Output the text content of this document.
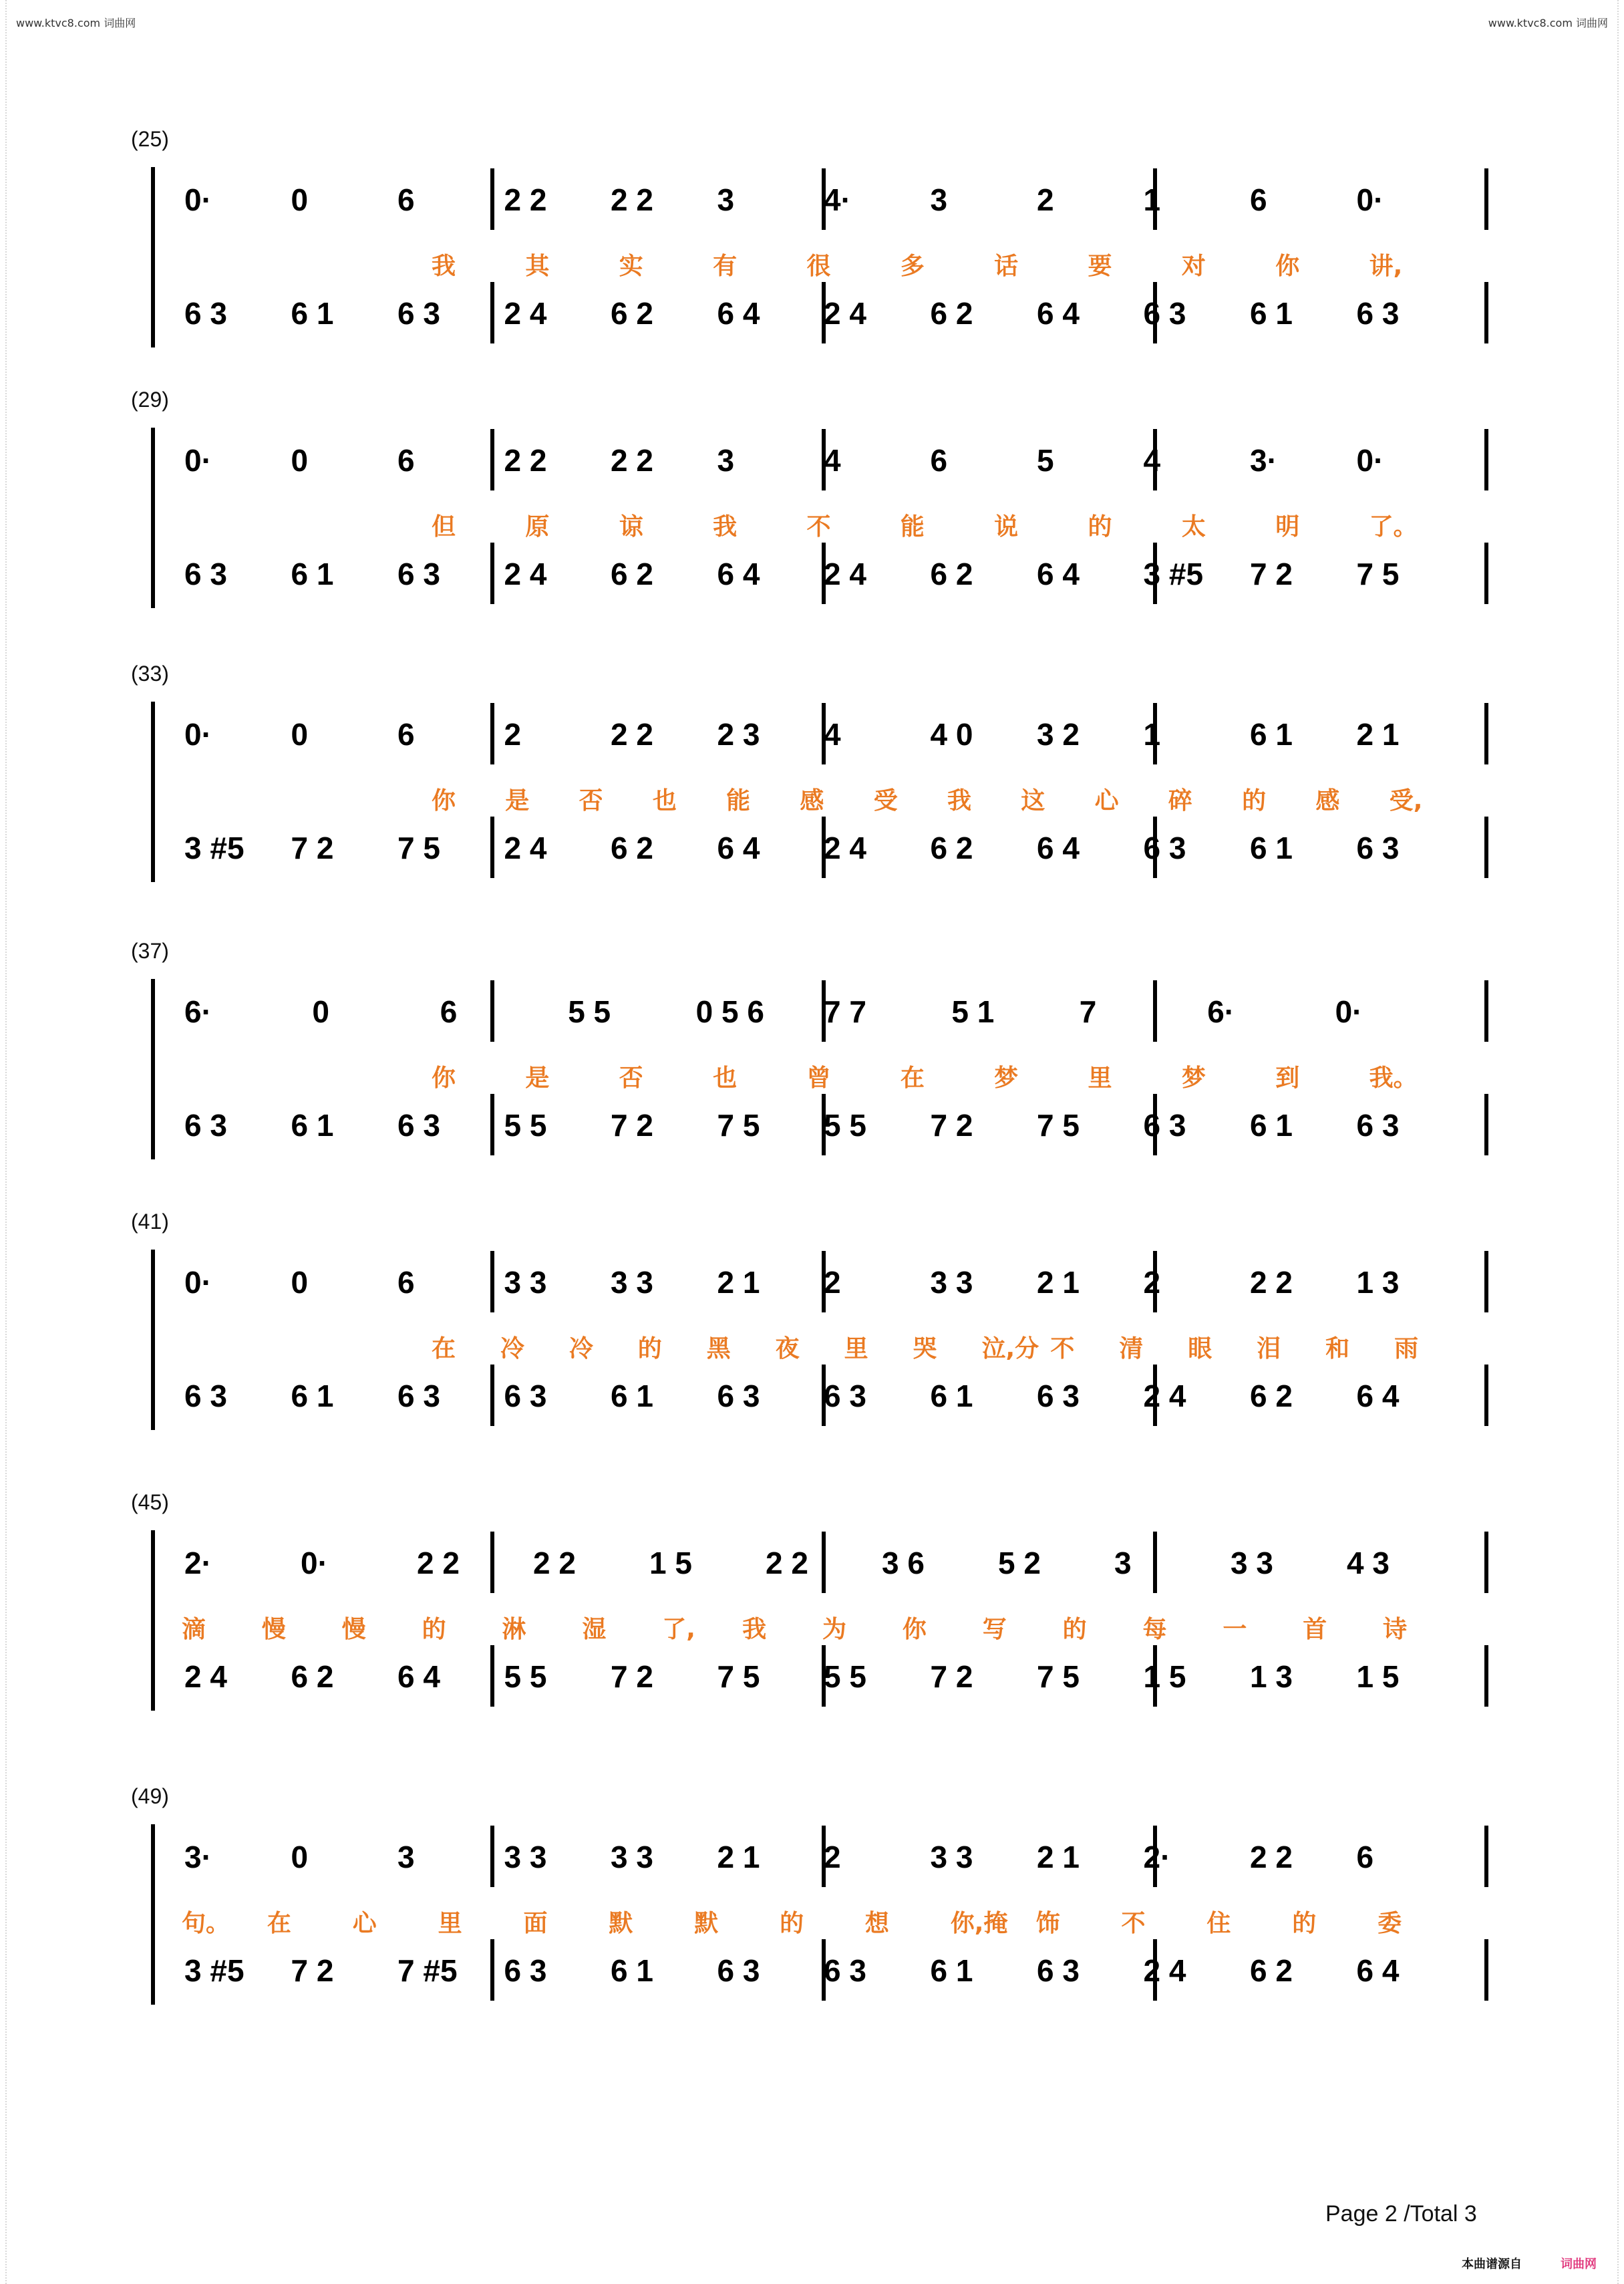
www.ktvc8.com 词曲网	www.ktvc8.com 词曲网
(25)
0·	0	6	2 2 2 2 3	4·	3	2	1	6	0·
我	其	实	有	很	多	话	要	对	你	讲,
6 3 6 1 6 3 2 4 6 2 6 4 2 4 6 2 6 4 6 3 6 1 6 3
(29)
0·	0	6	2 2 2 2 3	4	6	5	4	3·	0·
但	原	谅	我	不	能	说	的	太	明	了。
6 3 6 1 6 3 2 4 6 2 6 4 2 4 6 2 6 4 3 #5 7 2 7 5
(33)
0·	0	6	2	2 2 2 3 4	4 0 3 2 1	6 1 2 1
你 是 否 也 能 感 受 我 这 心 碎 的 感 受,
3 #5 7 2 7 5 2 4 6 2 6 4 2 4 6 2 6 4 6 3 6 1 6 3
(37)
6·	0	6	5 5	0 5 6 7 7	5 1	7	6·	0·
你	是	否	也	曾	在	梦	里	梦	到	我。
6 3 6 1 6 3 5 5 7 2 7 5 5 5 7 2 7 5 6 3 6 1 6 3
(41)
0·	0	6	3 3 3 3 2 1 2	3 3 2 1 2	2 2 1 3
在 冷 冷 的 黑 夜 里 哭 泣,分 不 清 眼 泪 和 雨
6 3 6 1 6 3 6 3 6 1 6 3 6 3 6 1 6 3 2 4 6 2 6 4
(45)
2·	0·	2 2 2 2 1 5 2 2 3 6 5 2 3	3 3 4 3
滴 慢 慢 的 淋 湿 了, 我 为 你 写 的 每 一 首 诗
2 4 6 2 6 4 5 5 7 2 7 5 5 5 7 2 7 5 1 5 1 3 1 5
(49)
3·	0	3	3 3 3 3 2 1 2	3 3 2 1 2·	2 2 6
句。 在	心	里	面	默	默	的	想	你,掩 饰	不	住	的	委
3 #5 7 2 7 #5 6 3 6 1 6 3 6 3 6 1 6 3 2 4 6 2 6 4
Page 2 /Total 3
本曲谱源自	词曲网
